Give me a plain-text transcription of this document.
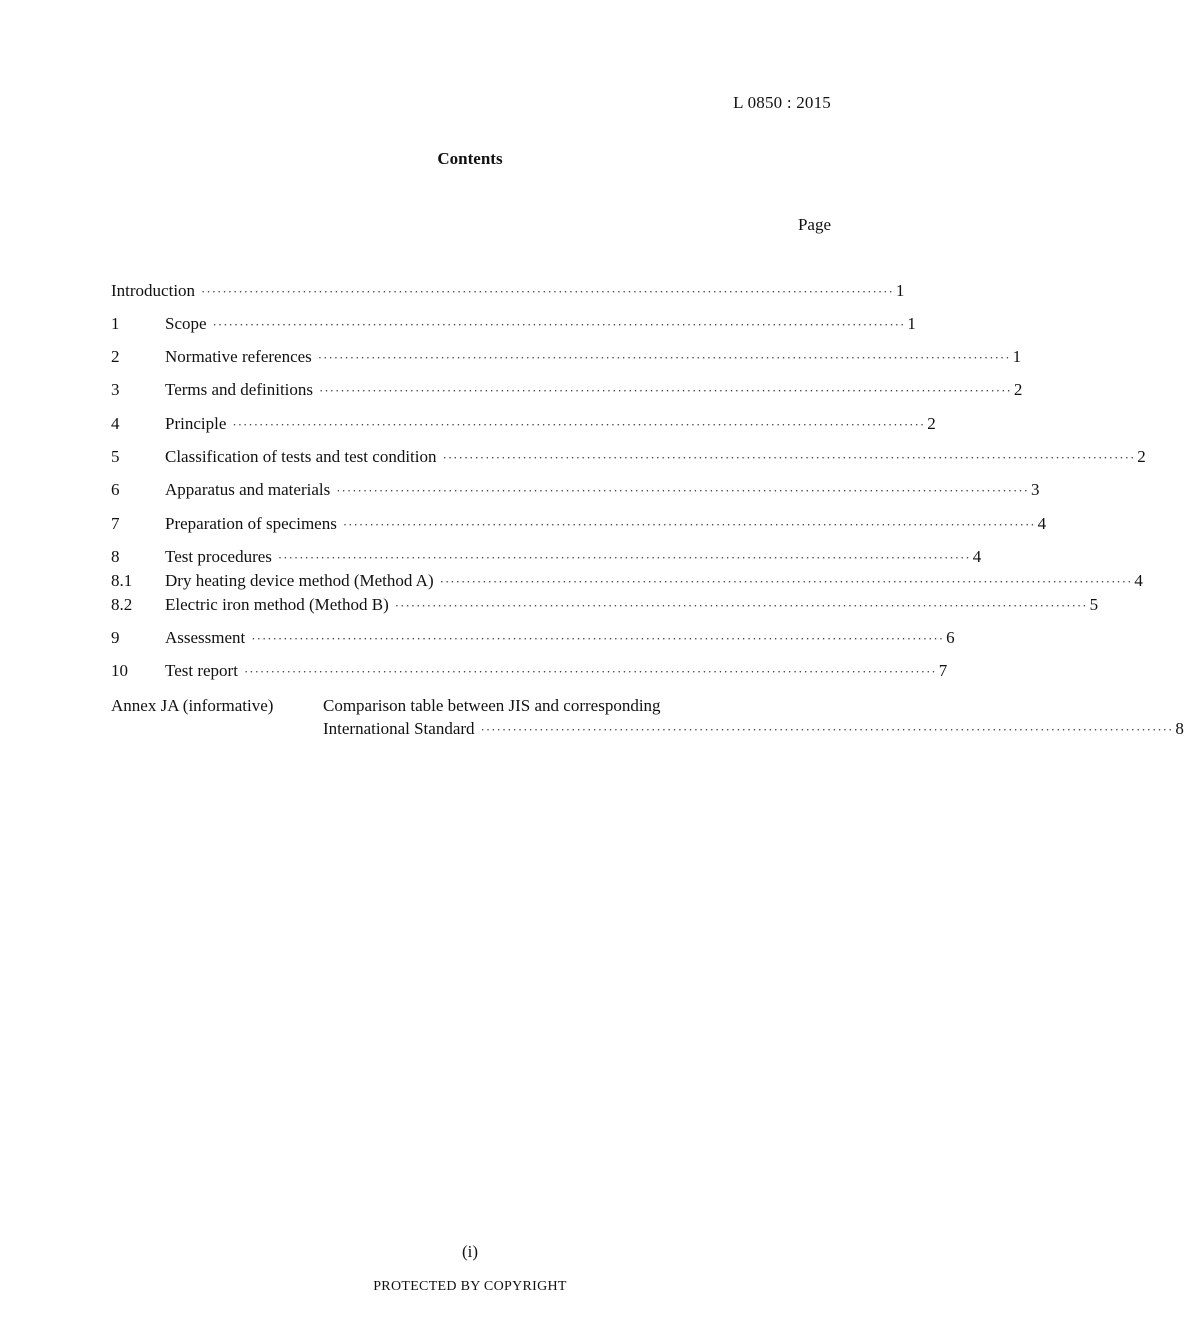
L 0850 : 2015
Contents
Page
Introduction ·································································································································· 1
1	Scope ·································································································································· 1
2	Normative references ·································································································································· 1
3	Terms and definitions ·································································································································· 2
4	Principle ·································································································································· 2
5	Classification of tests and test condition ·································································································································· 2
6	Apparatus and materials ·································································································································· 3
7	Preparation of specimens ·································································································································· 4
8	Test procedures ·································································································································· 4
8.1	Dry heating device method (Method A) ·································································································································· 4
8.2	Electric iron method (Method B) ·································································································································· 5
9	Assessment ·································································································································· 6
10	Test report ·································································································································· 7
Annex JA (informative)	Comparison table between JIS and corresponding
International Standard ·································································································································· 8
(i)
PROTECTED BY COPYRIGHT
